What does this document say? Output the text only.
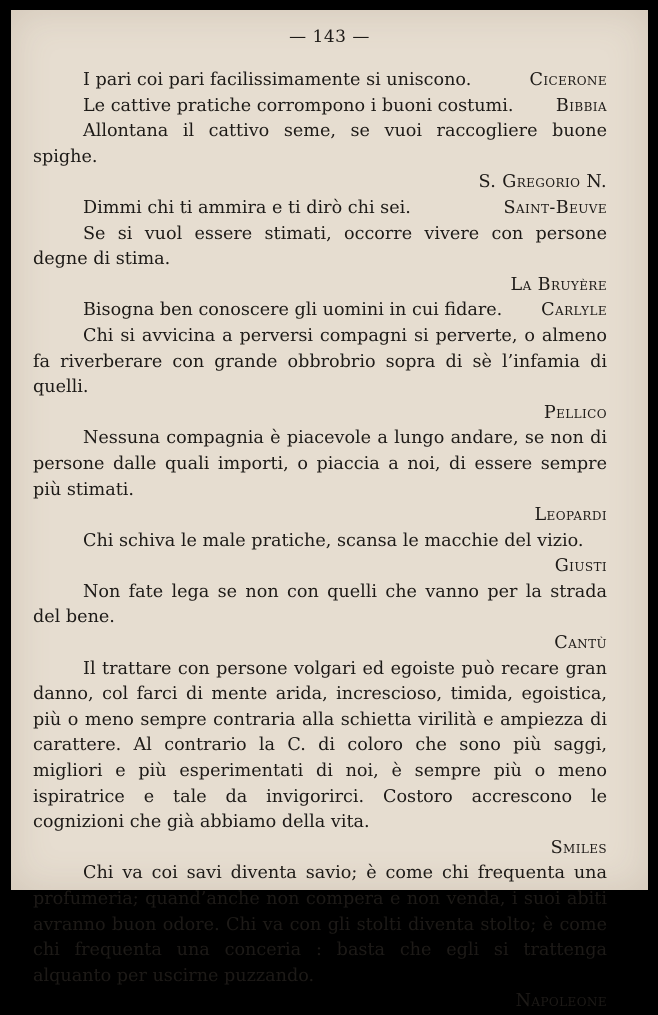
— 143 —
Cicerone
I pari coi pari facilissimamente si uniscono.
Bibbia
Le cattive pratiche corrompono i buoni costumi.
Allontana il cattivo seme, se vuoi raccogliere buone spighe.
S. Gregorio N.
Saint-Beuve
Dimmi chi ti ammira e ti dirò chi sei.
Se si vuol essere stimati, occorre vivere con persone degne di stima.
La Bruyère
Carlyle
Bisogna ben conoscere gli uomini in cui fidare.
Chi si avvicina a perversi compagni si perverte, o almeno fa riverberare con grande obbrobrio sopra di sè l’infamia di quelli.
Pellico
Nessuna compagnia è piacevole a lungo andare, se non di persone dalle quali importi, o piaccia a noi, di essere sempre più stimati.
Leopardi
Chi schiva le male pratiche, scansa le macchie del vizio.
Giusti
Non fate lega se non con quelli che vanno per la strada del bene.
Cantù
Il trattare con persone volgari ed egoiste può recare gran danno, col farci di mente arida, increscioso, timida, egoistica, più o meno sempre contraria alla schietta virilità e ampiezza di carattere. Al contrario la C. di coloro che sono più saggi, migliori e più esperimentati di noi, è sempre più o meno ispiratrice e tale da invigorirci. Costoro accrescono le cognizioni che già abbiamo della vita.
Smiles
Chi va coi savi diventa savio; è come chi frequenta una profumeria; quand’anche non compera e non venda, i suoi abiti avranno buon odore. Chi va con gli stolti diventa stolto; è come chi frequenta una conceria : basta che egli si trattenga alquanto per uscirne puzzando.
Napoleone
